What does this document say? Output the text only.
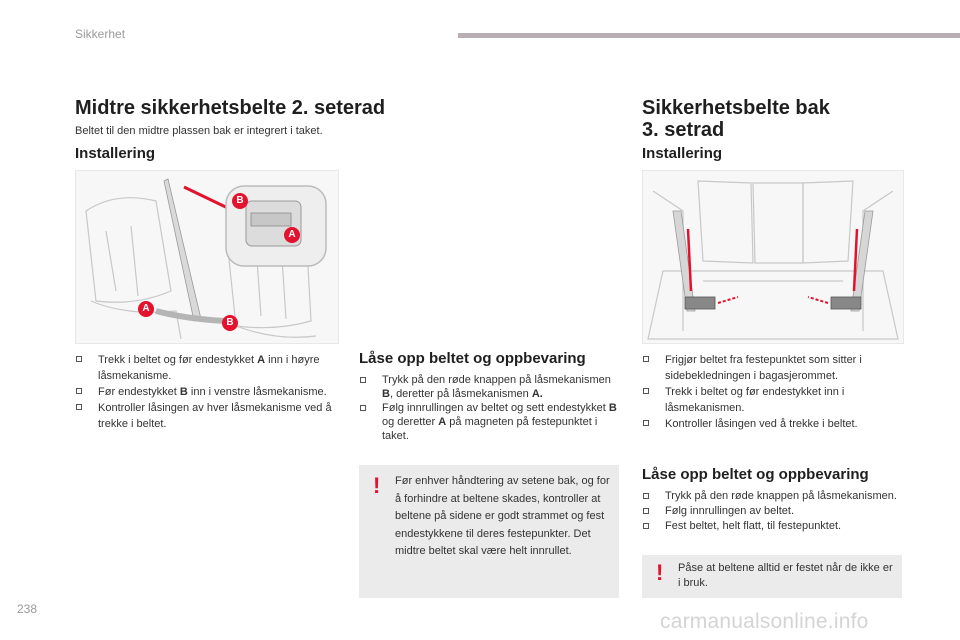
Sikkerhet
Midtre sikkerhetsbelte 2. seterad
Beltet til den midtre plassen bak er integrert i taket.
Installering
Sikkerhetsbelte bak
3. setrad
Installering
B
A
A
B
Trekk i beltet og før endestykket A inn i høyre låsmekanisme.
Før endestykket B inn i venstre låsmekanisme.
Kontroller låsingen av hver låsmekanisme ved å trekke i beltet.
Låse opp beltet og oppbevaring
Trykk på den røde knappen på låsmekanismen B, deretter på låsmekanismen A.
Følg innrullingen av beltet og sett endestykket B og deretter A på magneten på festepunktet i taket.
! Før enhver håndtering av setene bak, og for å forhindre at beltene skades, kontroller at beltene på sidene er godt strammet og fest endestykkene til deres festepunkter. Det midtre beltet skal være helt innrullet.
Frigjør beltet fra festepunktet som sitter i sidebekledningen i bagasjerommet.
Trekk i beltet og før endestykket inn i låsmekanismen.
Kontroller låsingen ved å trekke i beltet.
Låse opp beltet og oppbevaring
Trykk på den røde knappen på låsmekanismen.
Følg innrullingen av beltet.
Fest beltet, helt flatt, til festepunktet.
! Påse at beltene alltid er festet når de ikke er i bruk.
238
carmanualsonline.info
